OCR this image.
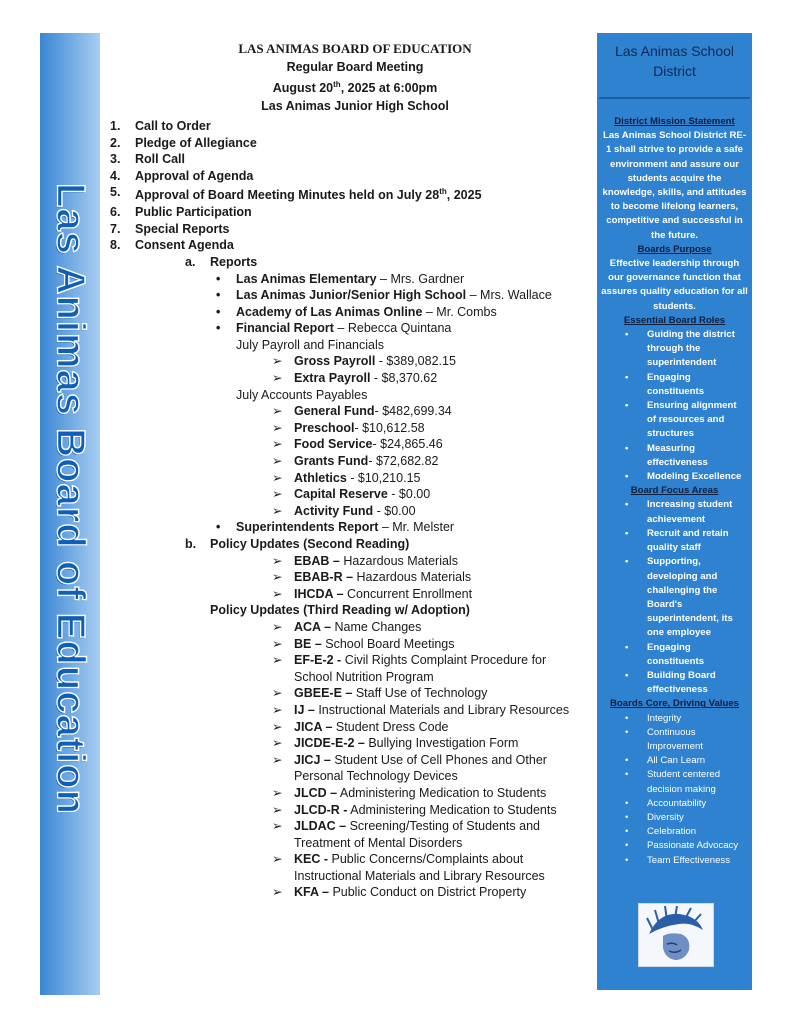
Las Animas Board of Education
LAS ANIMAS BOARD OF EDUCATION
Regular Board Meeting
August 20th, 2025 at 6:00pm
Las Animas Junior High School
1.	Call to Order
2.	Pledge of Allegiance
3.	Roll Call
4.	Approval of Agenda
5.	Approval of Board Meeting Minutes held on July 28th, 2025
6.	Public Participation
7.	Special Reports
8.	Consent Agenda
a.	Reports
•	Las Animas Elementary – Mrs. Gardner
•	Las Animas Junior/Senior High School – Mrs. Wallace
•	Academy of Las Animas Online – Mr. Combs
•	Financial Report – Rebecca Quintana
July Payroll and Financials
➢ Gross Payroll - $389,082.15
➢ Extra Payroll - $8,370.62
July Accounts Payables
➢ General Fund- $482,699.34
➢ Preschool- $10,612.58
➢ Food Service- $24,865.46
➢ Grants Fund- $72,682.82
➢ Athletics - $10,210.15
➢ Capital Reserve - $0.00
➢ Activity Fund - $0.00
•	Superintendents Report – Mr. Melster
b.	Policy Updates (Second Reading)
➢ EBAB – Hazardous Materials
➢ EBAB-R – Hazardous Materials
➢ IHCDA – Concurrent Enrollment
Policy Updates (Third Reading w/ Adoption)
➢ ACA – Name Changes
➢ BE – School Board Meetings
➢ EF-E-2 - Civil Rights Complaint Procedure for School Nutrition Program
➢ GBEE-E – Staff Use of Technology
➢ IJ – Instructional Materials and Library Resources
➢ JICA – Student Dress Code
➢ JICDE-E-2 – Bullying Investigation Form
➢ JICJ – Student Use of Cell Phones and Other Personal Technology Devices
➢ JLCD – Administering Medication to Students
➢ JLCD-R - Administering Medication to Students
➢ JLDAC – Screening/Testing of Students and Treatment of Mental Disorders
➢ KEC - Public Concerns/Complaints about Instructional Materials and Library Resources
➢ KFA – Public Conduct on District Property
Las Animas School District
District Mission Statement
Las Animas School District RE-1 shall strive to provide a safe environment and assure our students acquire the knowledge, skills, and attitudes to become lifelong learners, competitive and successful in the future.
Boards Purpose
Effective leadership through our governance function that assures quality education for all students.
Essential Board Roles
• Guiding the district through the superintendent
• Engaging constituents
• Ensuring alignment of resources and structures
• Measuring effectiveness
• Modeling Excellence
Board Focus Areas
• Increasing student achievement
• Recruit and retain quality staff
• Supporting, developing and challenging the Board's superintendent, its one employee
• Engaging constituents
• Building Board effectiveness
Boards Core, Driving Values
• Integrity
• Continuous Improvement
• All Can Learn
• Student centered decision making
• Accountability
• Diversity
• Celebration
• Passionate Advocacy
• Team Effectiveness
